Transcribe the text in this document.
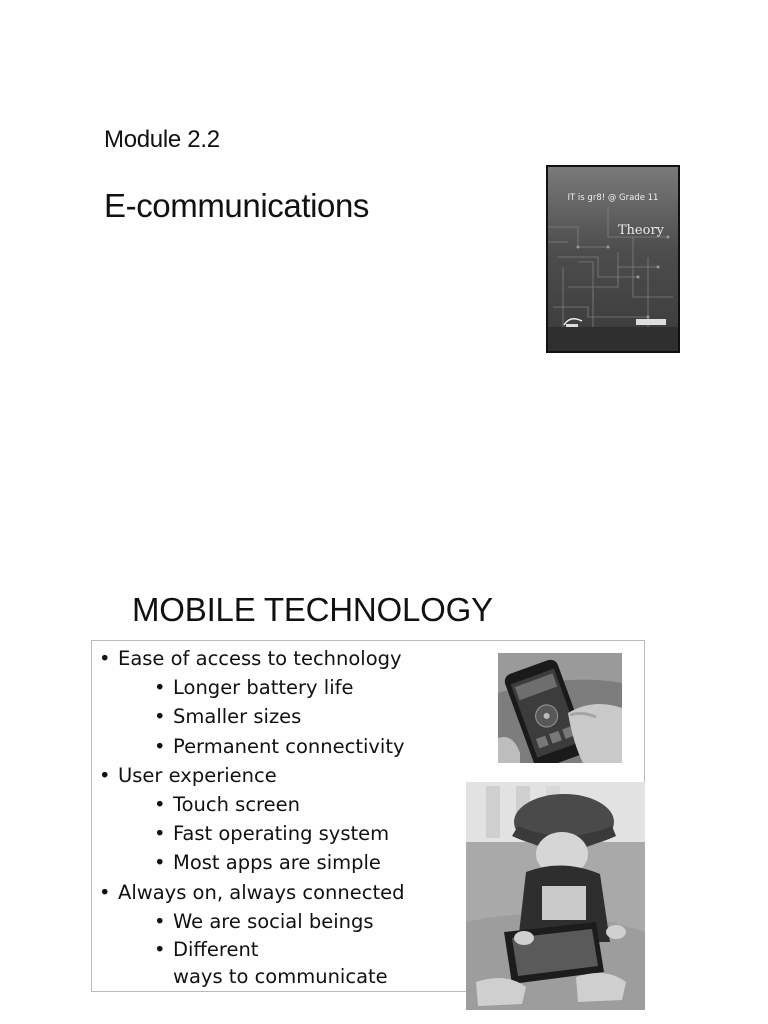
Module 2.2
E-communications	IT is gr8! @ Grade 11
Theory
MOBILE TECHNOLOGY
• Ease of access to technology
• Longer battery life
• Smaller sizes
• Permanent connectivity
• User experience
• Touch screen
• Fast operating system
• Most apps are simple
• Always on, always connected
• We are social beings
• Different
ways to communicate
